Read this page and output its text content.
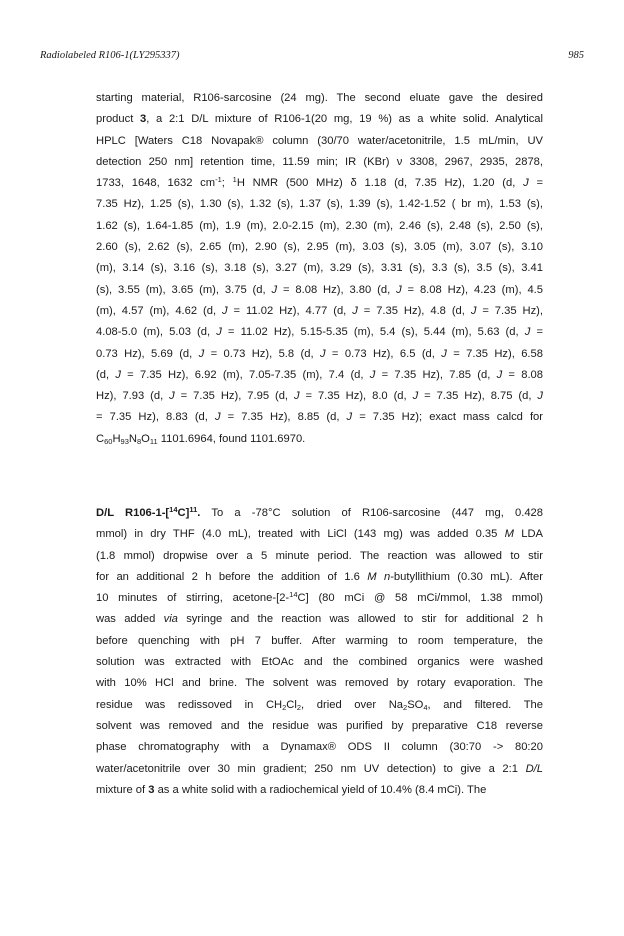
Radiolabeled R106-1(LY295337)	985
starting material, R106-sarcosine (24 mg). The second eluate gave the desired
product 3, a 2:1 D/L mixture of R106-1(20 mg, 19 %) as a white solid. Analytical
HPLC [Waters C18 Novapak® column (30/70 water/acetonitrile, 1.5 mL/min, UV
detection 250 nm] retention time, 11.59 min; IR (KBr) ν 3308, 2967, 2935, 2878,
1733, 1648, 1632 $cm^{-1}$; $^1$H NMR (500 MHz) δ 1.18 (d, 7.35 Hz), 1.20 (d, J =
7.35 Hz), 1.25 (s), 1.30 (s), 1.32 (s), 1.37 (s), 1.39 (s), 1.42-1.52 ( br m), 1.53 (s),
1.62 (s), 1.64-1.85 (m), 1.9 (m), 2.0-2.15 (m), 2.30 (m), 2.46 (s), 2.48 (s), 2.50 (s),
2.60 (s), 2.62 (s), 2.65 (m), 2.90 (s), 2.95 (m), 3.03 (s), 3.05 (m), 3.07 (s), 3.10
(m), 3.14 (s), 3.16 (s), 3.18 (s), 3.27 (m), 3.29 (s), 3.31 (s), 3.3 (s), 3.5 (s), 3.41
(s), 3.55 (m), 3.65 (m), 3.75 (d, J = 8.08 Hz), 3.80 (d, J = 8.08 Hz), 4.23 (m), 4.5
(m), 4.57 (m), 4.62 (d, J = 11.02 Hz), 4.77 (d, J = 7.35 Hz), 4.8 (d, J = 7.35 Hz),
4.08-5.0 (m), 5.03 (d, J = 11.02 Hz), 5.15-5.35 (m), 5.4 (s), 5.44 (m), 5.63 (d, J =
0.73 Hz), 5.69 (d, J = 0.73 Hz), 5.8 (d, J = 0.73 Hz), 6.5 (d, J = 7.35 Hz), 6.58
(d, J = 7.35 Hz), 6.92 (m), 7.05-7.35 (m), 7.4 (d, J = 7.35 Hz), 7.85 (d, J = 8.08
Hz), 7.93 (d, J = 7.35 Hz), 7.95 (d, J = 7.35 Hz), 8.0 (d, J = 7.35 Hz), 8.75 (d, J
= 7.35 Hz), 8.83 (d, J = 7.35 Hz), 8.85 (d, J = 7.35 Hz); exact mass calcd for
$C_{60}H_{93}N_8O_{11}$ 1101.6964, found 1101.6970.
D/L $R106-1-[^{14}C]^{11}$. To a -78°C solution of R106-sarcosine (447 mg, 0.428
mmol) in dry THF (4.0 mL), treated with LiCl (143 mg) was added 0.35 M LDA
(1.8 mmol) dropwise over a 5 minute period. The reaction was allowed to stir
for an additional 2 h before the addition of 1.6 M n-butyllithium (0.30 mL). After
10 minutes of stirring, acetone-[2-$^{14}$C] (80 mCi @ 58 mCi/mmol, 1.38 mmol)
was added via syringe and the reaction was allowed to stir for additional 2 h
before quenching with pH 7 buffer. After warming to room temperature, the
solution was extracted with EtOAc and the combined organics were washed
with 10% HCl and brine. The solvent was removed by rotary evaporation. The
residue was redissoved in $CH_2Cl_2$, dried over $Na_2SO_4$, and filtered. The
solvent was removed and the residue was purified by preparative C18 reverse
phase chromatography with a Dynamax® ODS II column (30:70 -> 80:20
water/acetonitrile over 30 min gradient; 250 nm UV detection) to give a 2:1 D/L
mixture of 3 as a white solid with a radiochemical yield of 10.4% (8.4 mCi). The
